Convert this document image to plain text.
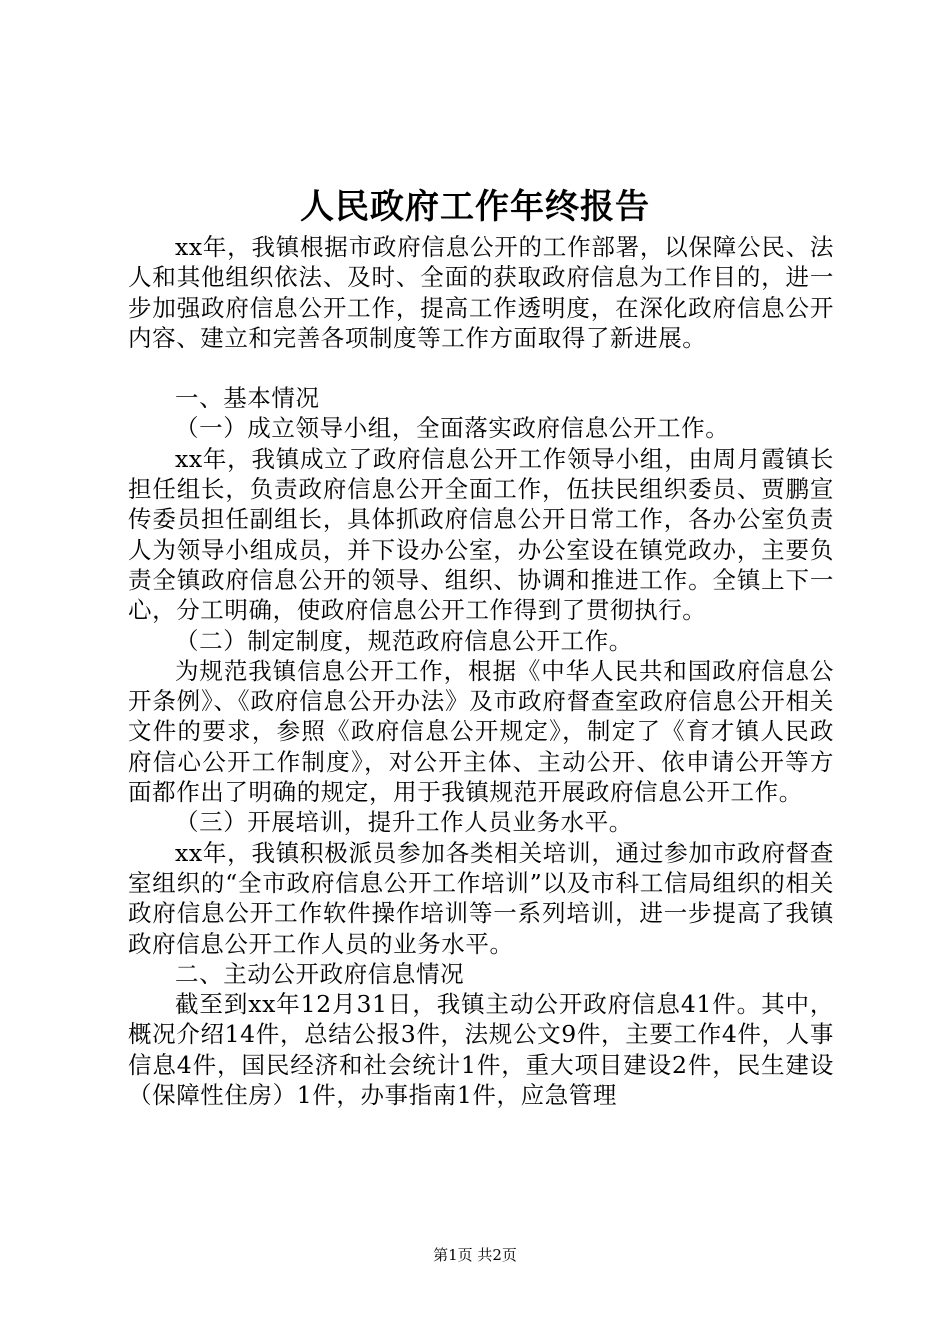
人民政府工作年终报告

xx年，我镇根据市政府信息公开的工作部署，以保障公民、法人和其他组织依法、及时、全面的获取政府信息为工作目的，进一步加强政府信息公开工作，提高工作透明度，在深化政府信息公开内容、建立和完善各项制度等工作方面取得了新进展。

一、基本情况

（一）成立领导小组，全面落实政府信息公开工作。

xx年，我镇成立了政府信息公开工作领导小组，由周月霞镇长担任组长，负责政府信息公开全面工作，伍扶民组织委员、贾鹏宣传委员担任副组长，具体抓政府信息公开日常工作，各办公室负责人为领导小组成员，并下设办公室，办公室设在镇党政办，主要负责全镇政府信息公开的领导、组织、协调和推进工作。全镇上下一心，分工明确，使政府信息公开工作得到了贯彻执行。

（二）制定制度，规范政府信息公开工作。

为规范我镇信息公开工作，根据《中华人民共和国政府信息公开条例》、《政府信息公开办法》及市政府督查室政府信息公开相关文件的要求，参照《政府信息公开规定》，制定了《育才镇人民政府信心公开工作制度》，对公开主体、主动公开、依申请公开等方面都作出了明确的规定，用于我镇规范开展政府信息公开工作。

（三）开展培训，提升工作人员业务水平。

xx年，我镇积极派员参加各类相关培训，通过参加市政府督查室组织的“全市政府信息公开工作培训”以及市科工信局组织的相关政府信息公开工作软件操作培训等一系列培训，进一步提高了我镇政府信息公开工作人员的业务水平。

二、主动公开政府信息情况

截至到xx年12月31日，我镇主动公开政府信息41件。其中，概况介绍14件，总结公报3件，法规公文9件，主要工作4件，人事信息4件，国民经济和社会统计1件，重大项目建设2件，民生建设（保障性住房）1件，办事指南1件，应急管理

第1页 共2页
